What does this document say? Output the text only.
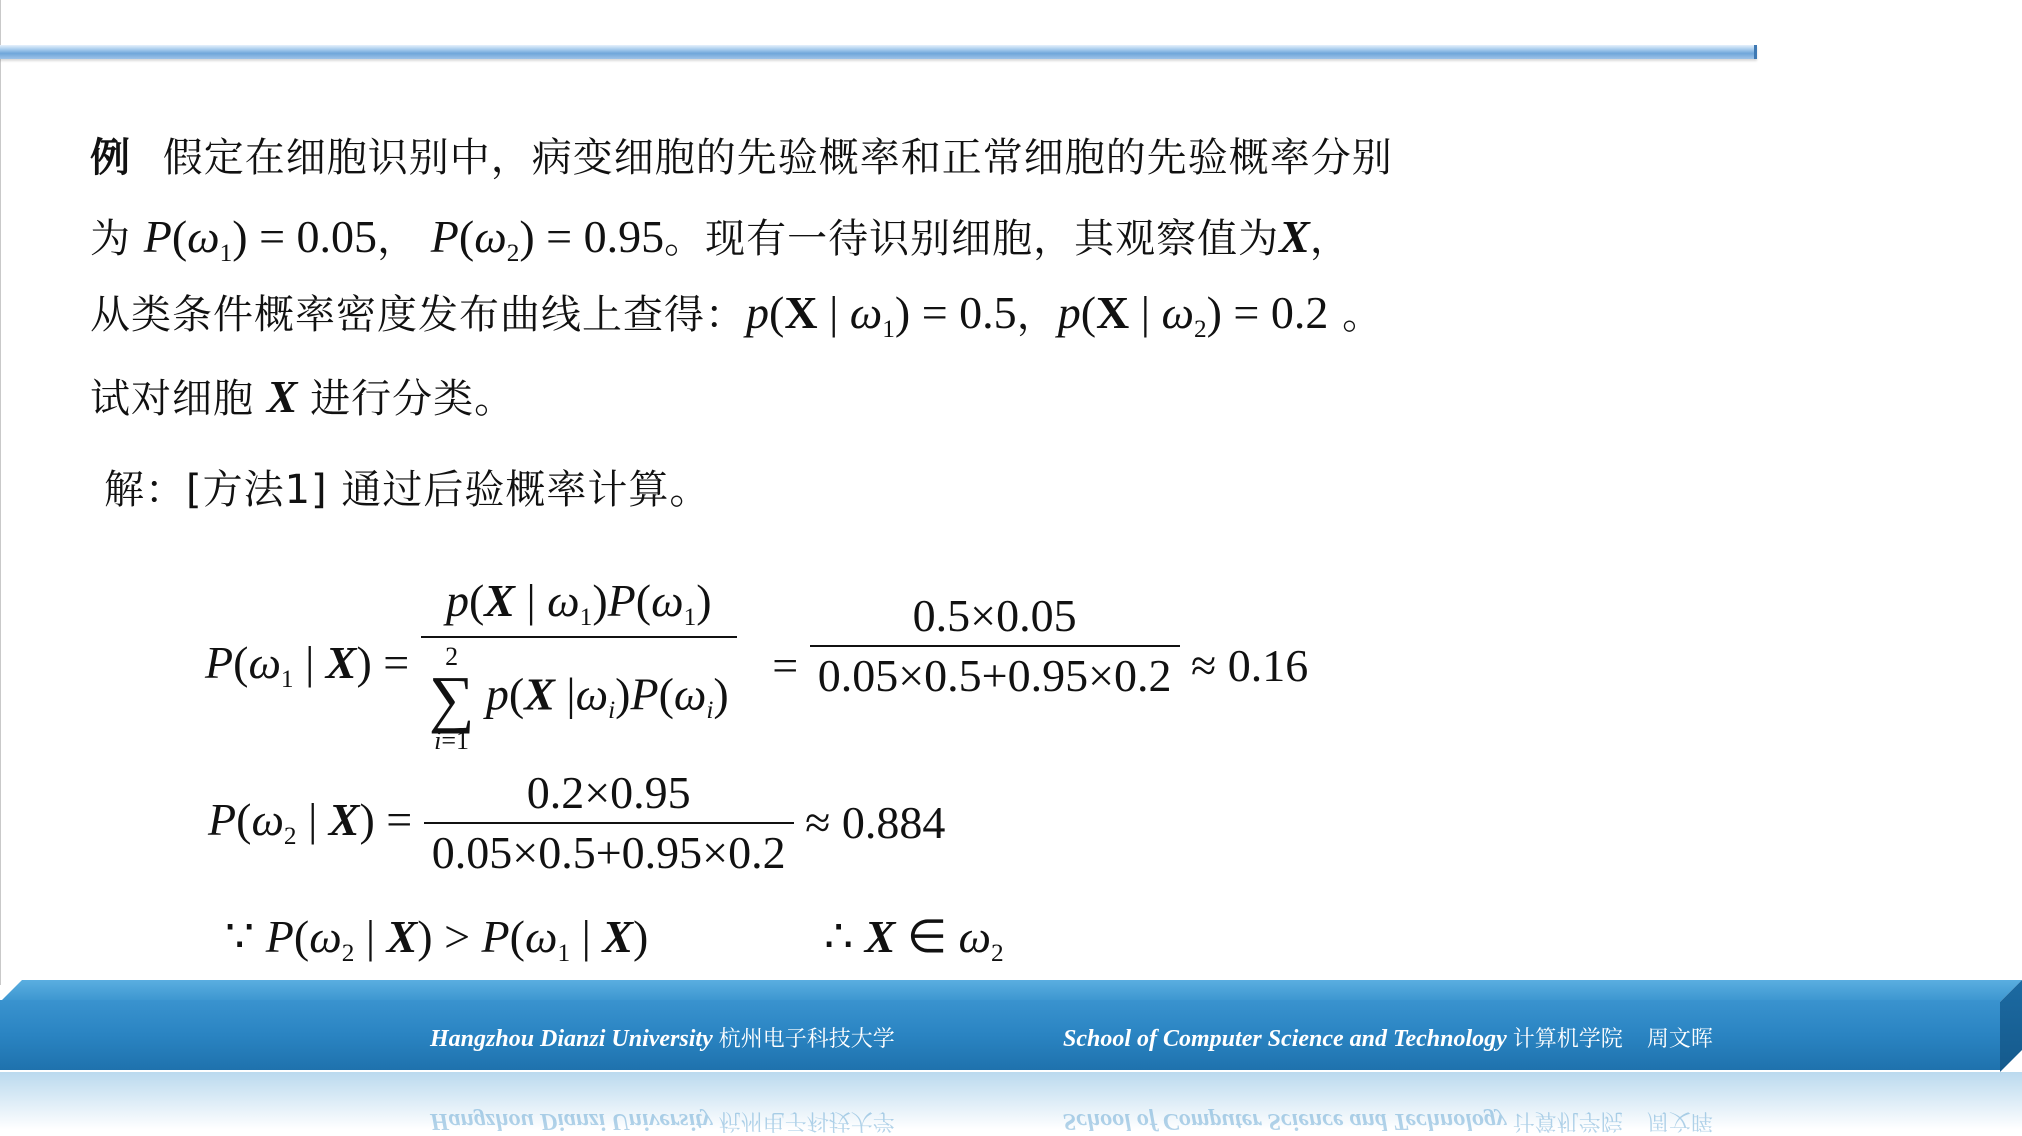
例 假定在细胞识别中，病变细胞的先验概率和正常细胞的先验概率分别
为 $P(\omega_1) = 0.05$， $P(\omega_2) = 0.95$。现有一待识别细胞，其观察值为X，
从类条件概率密度发布曲线上查得：p(X | $\omega_1) = 0.5$，p(X | $\omega_2) = 0.2$ 。
试对细胞 X 进行分类。
解：[方法1] 通过后验概率计算。
$P(\omega_1$ | X) = p(X | $\omega_1)P(\omega_1)$
2
∑
i=1 p(X $|\omega_i)P(\omega_i) = \frac{0.5\times 0.05}{0.05\times 0.5+0.95\times 0.2} \approx 0.16$
$P(\omega_2$ | $X) = \frac{0.2\times 0.95}{0.05\times 0.5+0.95\times 0.2} \approx 0.884$
∵ $P(\omega_2$ | $X) > P(\omega_1$ | X)	∴ X ∈ $\omega_2$
Hangzhou Dianzi University 杭州电子科技大学	School of Computer Science and Technology 计算机学院 周文晖
Hangzhou Dianzi University 杭州电子科技大学	School of Computer Science and Technology 计算机学院 周文晖
